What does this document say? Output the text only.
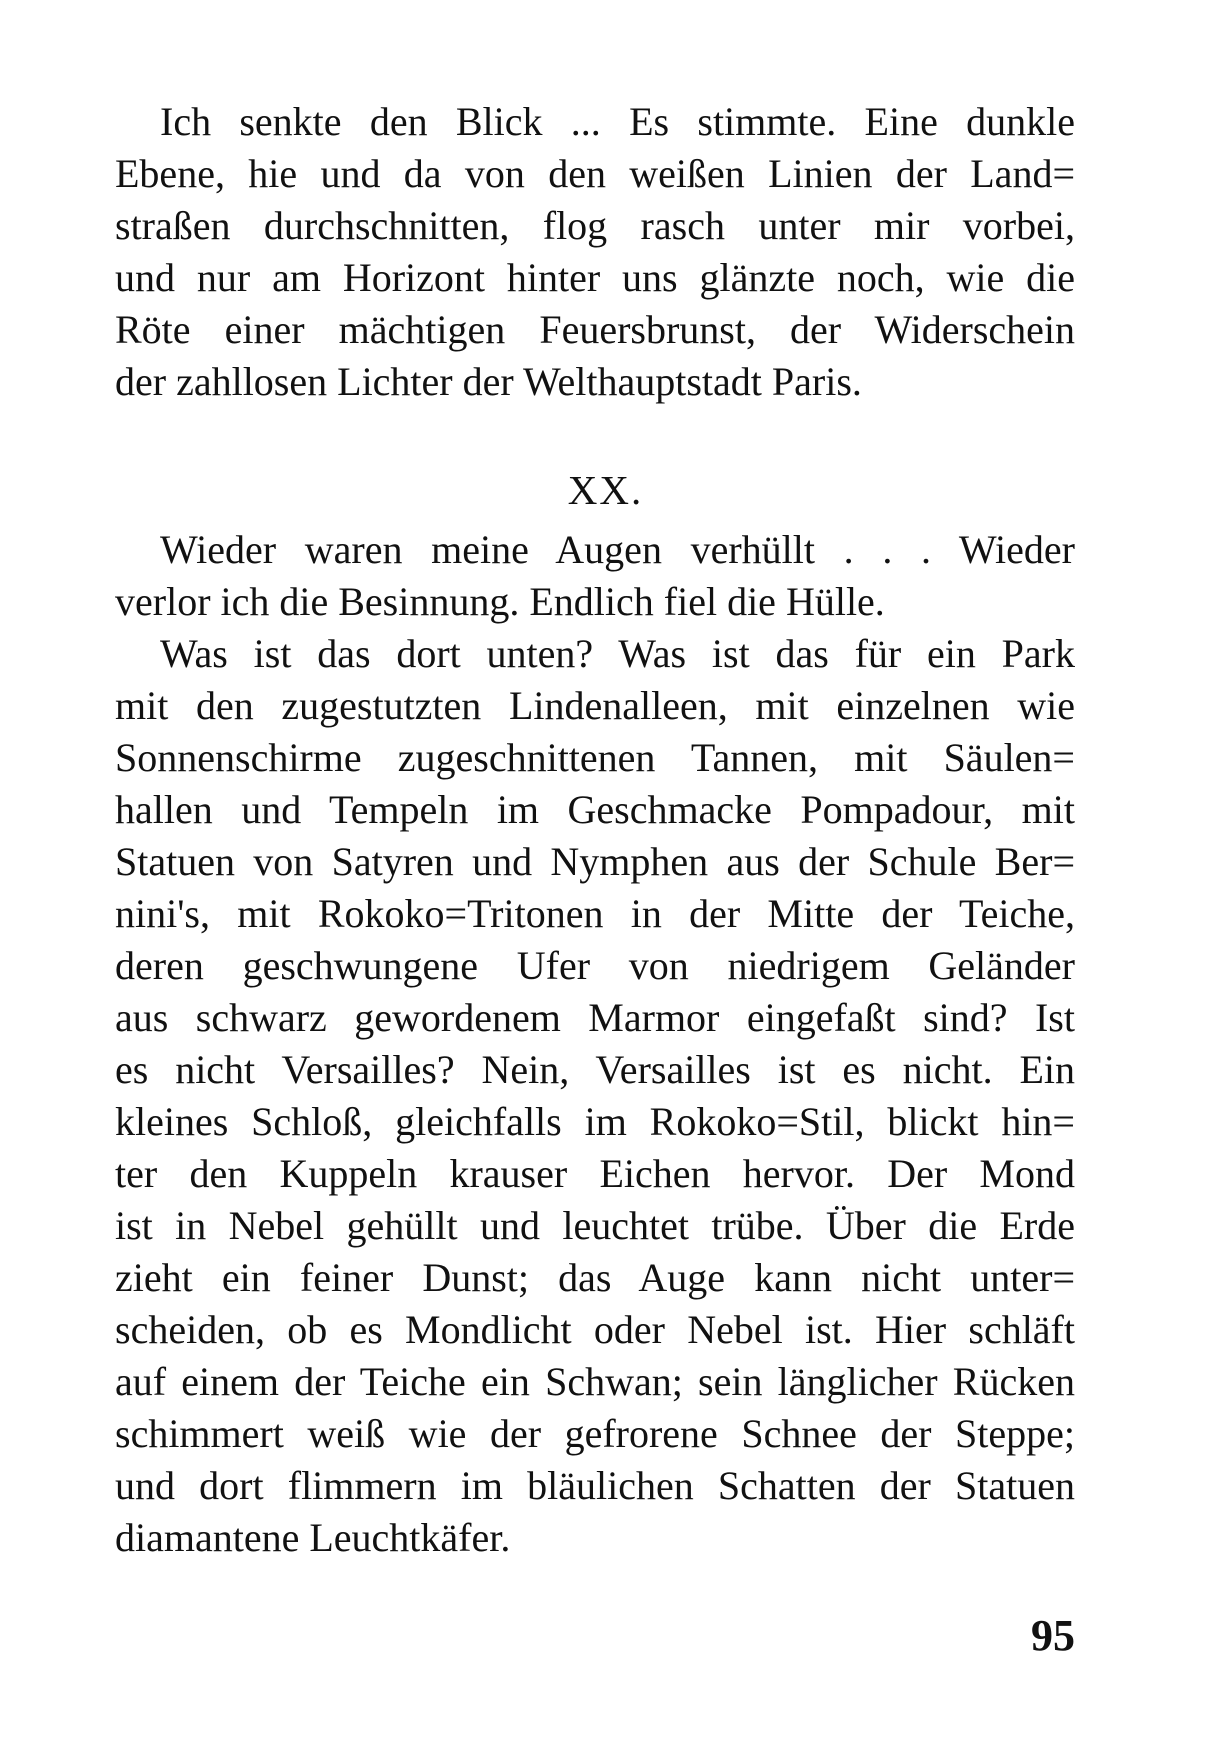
Ich senkte den Blick ... Es stimmte. Eine dunkle
Ebene, hie und da von den weißen Linien der Land=
straßen durchschnitten, flog rasch unter mir vorbei,
und nur am Horizont hinter uns glänzte noch, wie die
Röte einer mächtigen Feuersbrunst, der Widerschein
der zahllosen Lichter der Welthauptstadt Paris.
XX.
Wieder waren meine Augen verhüllt . . . Wieder
verlor ich die Besinnung. Endlich fiel die Hülle.
Was ist das dort unten? Was ist das für ein Park
mit den zugestutzten Lindenalleen, mit einzelnen wie
Sonnenschirme zugeschnittenen Tannen, mit Säulen=
hallen und Tempeln im Geschmacke Pompadour, mit
Statuen von Satyren und Nymphen aus der Schule Ber=
nini's, mit Rokoko=Tritonen in der Mitte der Teiche,
deren geschwungene Ufer von niedrigem Geländer
aus schwarz gewordenem Marmor eingefaßt sind? Ist
es nicht Versailles? Nein, Versailles ist es nicht. Ein
kleines Schloß, gleichfalls im Rokoko=Stil, blickt hin=
ter den Kuppeln krauser Eichen hervor. Der Mond
ist in Nebel gehüllt und leuchtet trübe. Über die Erde
zieht ein feiner Dunst; das Auge kann nicht unter=
scheiden, ob es Mondlicht oder Nebel ist. Hier schläft
auf einem der Teiche ein Schwan; sein länglicher Rücken
schimmert weiß wie der gefrorene Schnee der Steppe;
und dort flimmern im bläulichen Schatten der Statuen
diamantene Leuchtkäfer.
95
